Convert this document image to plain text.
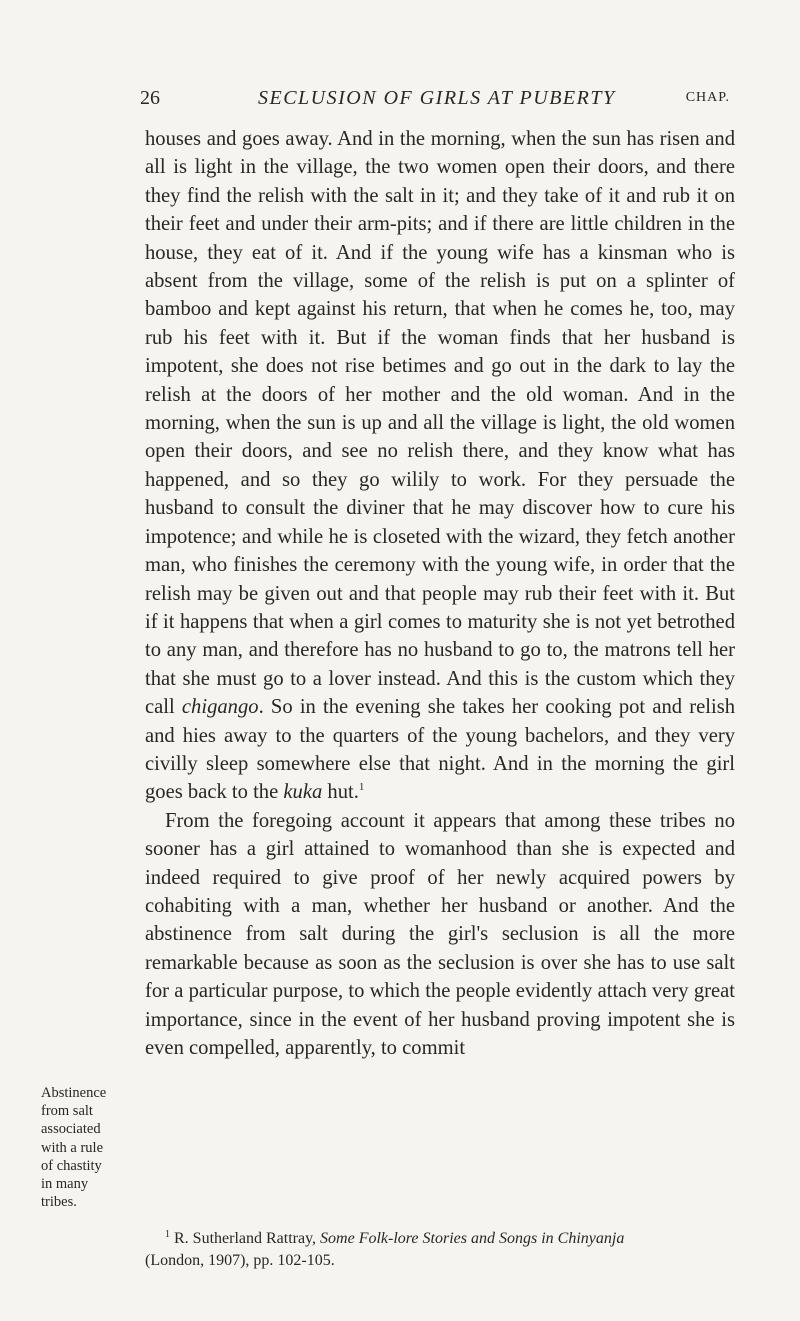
26	SECLUSION OF GIRLS AT PUBERTY	CHAP.

houses and goes away. And in the morning, when the sun has risen and all is light in the village, the two women open their doors, and there they find the relish with the salt in it; and they take of it and rub it on their feet and under their arm-pits; and if there are little children in the house, they eat of it. And if the young wife has a kinsman who is absent from the village, some of the relish is put on a splinter of bamboo and kept against his return, that when he comes he, too, may rub his feet with it. But if the woman finds that her husband is impotent, she does not rise betimes and go out in the dark to lay the relish at the doors of her mother and the old woman. And in the morning, when the sun is up and all the village is light, the old women open their doors, and see no relish there, and they know what has happened, and so they go wilily to work. For they persuade the husband to consult the diviner that he may discover how to cure his impotence; and while he is closeted with the wizard, they fetch another man, who finishes the ceremony with the young wife, in order that the relish may be given out and that people may rub their feet with it. But if it happens that when a girl comes to maturity she is not yet betrothed to any man, and therefore has no husband to go to, the matrons tell her that she must go to a lover instead. And this is the custom which they call chigango. So in the evening she takes her cooking pot and relish and hies away to the quarters of the young bachelors, and they very civilly sleep somewhere else that night. And in the morning the girl goes back to the kuka hut.$^1$

From the foregoing account it appears that among these tribes no sooner has a girl attained to womanhood than she is expected and indeed required to give proof of her newly acquired powers by cohabiting with a man, whether her husband or another. And the abstinence from salt during the girl's seclusion is all the more remarkable because as soon as the seclusion is over she has to use salt for a particular purpose, to which the people evidently attach very great importance, since in the event of her husband proving impotent she is even compelled, apparently, to commit

Abstinence
from salt
associated
with a rule
of chastity
in many
tribes.
$^1$ R. Sutherland Rattray, Some Folk-lore Stories and Songs in Chinyanja
(London, 1907), pp. 102-105.
